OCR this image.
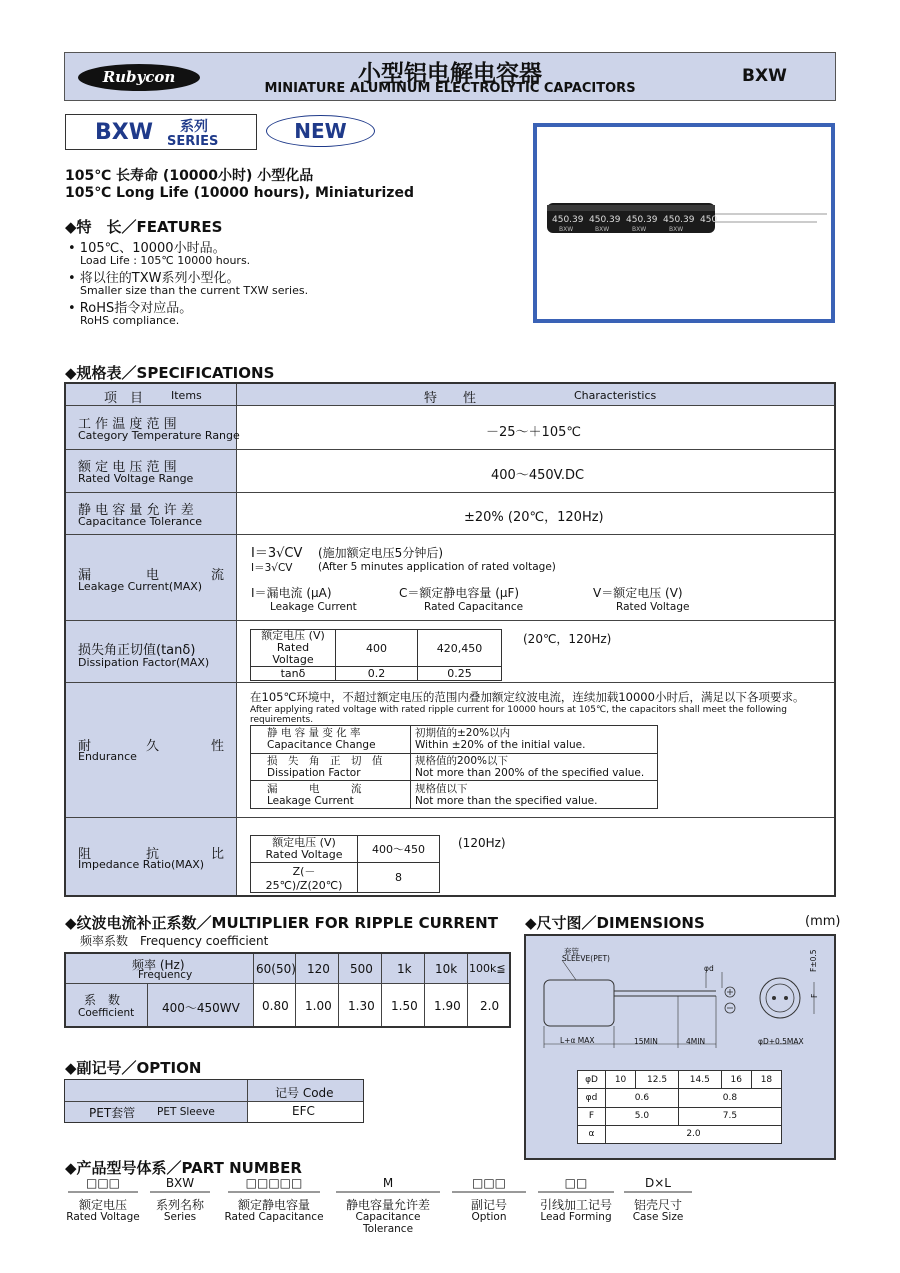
Rubycon	小型铝电解电容器
MINIATURE ALUMINUM ELECTROLYTIC CAPACITORS
BXW
BXW 系列
SERIES	NEW
105℃ 长寿命 (10000小时) 小型化品
105℃ Long Life (10000 hours), Miniaturized
450.39 450.39 450.39 450.39 450
BXW	BXW	BXW	BXW
◆特　长／FEATURES
• 105℃、10000小时品。
Load Life : 105℃ 10000 hours.
• 将以往的TXW系列小型化。
Smaller size than the current TXW series.
• RoHS指令对应品。
RoHS compliance.
◆规格表／SPECIFICATIONS
项　目	Items	特　　性	Characteristics
工 作 温 度 范 围
Category Temperature Range	－25～＋105℃
额 定 电 压 范 围
Rated Voltage Range	400～450V.DC
静 电 容 量 允 许 差
Capacitance Tolerance	±20% (20℃，120Hz)
漏	电	流
Leakage Current(MAX)
I＝3√CV (施加额定电压5分钟后)
I＝3√CV (After 5 minutes application of rated voltage)
I＝漏电流 (μA)
Leakage Current
C＝额定静电容量 (μF)
Rated Capacitance
V＝额定电压 (V)
Rated Voltage
损失角正切值(tanδ)
Dissipation Factor(MAX)
额定电压 (V)
Rated Voltage	400	420,450
tanδ	0.2	0.25
(20℃，120Hz)
耐	久	性
Endurance
在105℃环境中，不超过额定电压的范围内叠加额定纹波电流，连续加载10000小时后，满足以下各项要求。
After applying rated voltage with rated ripple current for 10000 hours at 105℃, the capacitors shall meet the following requirements.
静 电 容 量 变 化 率
Capacitance Change	初期值的±20%以内
Within ±20% of the initial value.
损　失　角　正　切　值
Dissipation Factor	规格值的200%以下
Not more than 200% of the specified value.
漏　　　电　　　流
Leakage Current	规格值以下
Not more than the specified value.
阻	抗	比
Impedance Ratio(MAX)
额定电压 (V)
Rated Voltage	400～450
Z(－25℃)/Z(20℃)	8
(120Hz)
◆纹波电流补正系数／MULTIPLIER FOR RIPPLE CURRENT
频率系数　Frequency coefficient
频率 (Hz)
Frequency	60(50) 120 500 1k 10k 100k≦
系　数
Coefficient 400～450WV 0.80 1.00 1.30 1.50 1.90 2.0
◆副记号／OPTION
记号 Code
PET套管 PET Sleeve	EFC
◆尺寸图／DIMENSIONS	(mm)
套管
SLEEVE(PET)
φd	F±0.5
F
L+α MAX	15MIN	4MIN	φD+0.5MAX
φD	10	12.5	14.5	16	18
φd	0.6		0.8		
F	5.0		7.5		
α	2.0				
◆产品型号体系／PART NUMBER
□□□
额定电压
Rated Voltage
BXW
系列名称
Series
□□□□□
额定静电容量
Rated Capacitance
M
静电容量允许差
Capacitance Tolerance
□□□
副记号
Option
□□
引线加工记号
Lead Forming
D×L
铝壳尺寸
Case Size
